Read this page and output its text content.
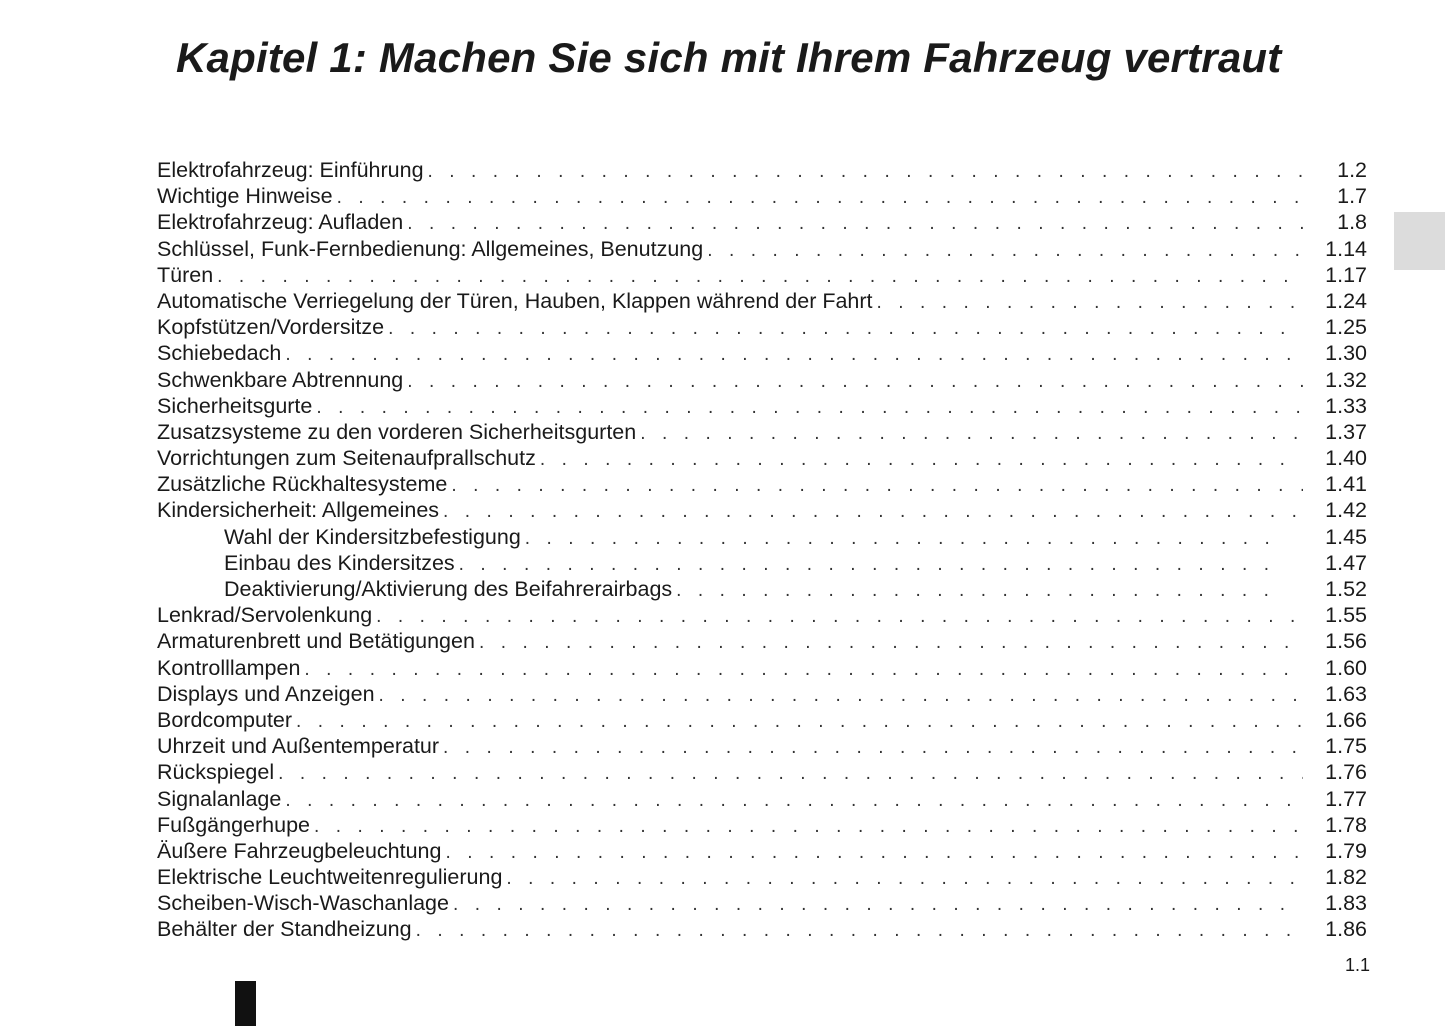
Kapitel 1: Machen Sie sich mit Ihrem Fahrzeug vertraut
Elektrofahrzeug: Einführung . . .	1.2
Wichtige Hinweise . . .	1.7
Elektrofahrzeug: Aufladen . . .	1.8
Schlüssel, Funk-Fernbedienung: Allgemeines, Benutzung . . .	1.14
Türen . . .	1.17
Automatische Verriegelung der Türen, Hauben, Klappen während der Fahrt . . .	1.24
Kopfstützen/Vordersitze . . .	1.25
Schiebedach . . .	1.30
Schwenkbare Abtrennung . . .	1.32
Sicherheitsgurte . . .	1.33
Zusatzsysteme zu den vorderen Sicherheitsgurten . . .	1.37
Vorrichtungen zum Seitenaufprallschutz . . .	1.40
Zusätzliche Rückhaltesysteme . . .	1.41
Kindersicherheit: Allgemeines . . .	1.42
Wahl der Kindersitzbefestigung . . .	1.45
Einbau des Kindersitzes . . .	1.47
Deaktivierung/Aktivierung des Beifahrerairbags . . .	1.52
Lenkrad/Servolenkung . . .	1.55
Armaturenbrett und Betätigungen . . .	1.56
Kontrolllampen . . .	1.60
Displays und Anzeigen . . .	1.63
Bordcomputer . . .	1.66
Uhrzeit und Außentemperatur . . .	1.75
Rückspiegel . . .	1.76
Signalanlage . . .	1.77
Fußgängerhupe . . .	1.78
Äußere Fahrzeugbeleuchtung . . .	1.79
Elektrische Leuchtweitenregulierung . . .	1.82
Scheiben-Wisch-Waschanlage . . .	1.83
Behälter der Standheizung . . .	1.86
1.1
